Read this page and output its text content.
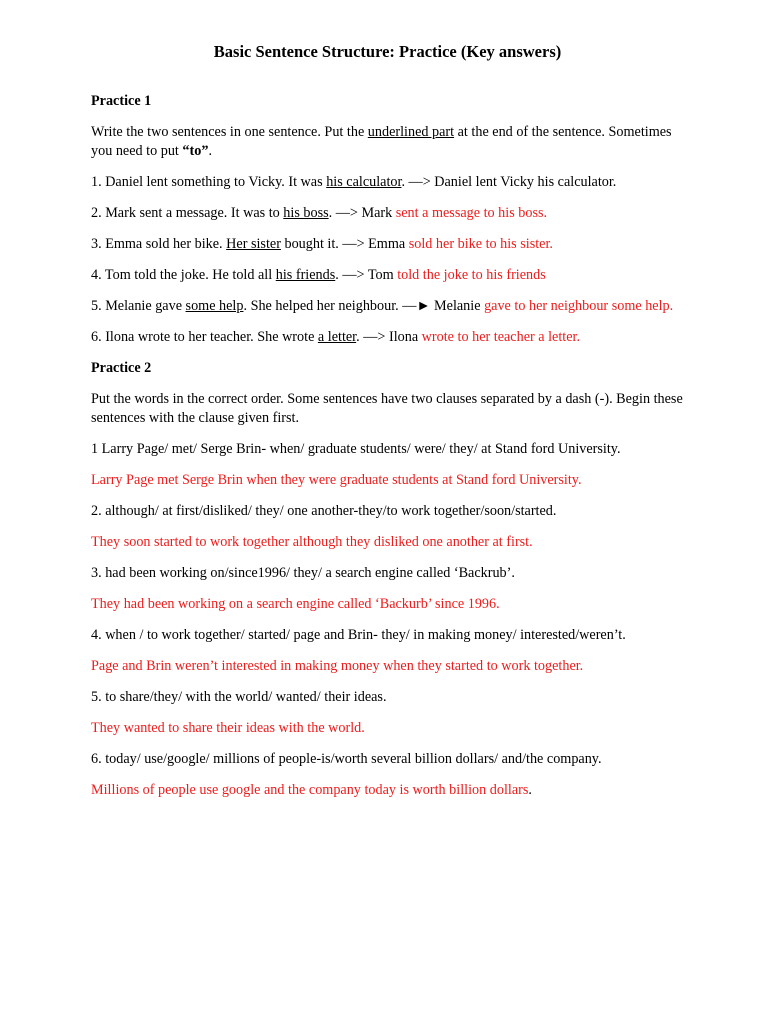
Basic Sentence Structure: Practice (Key answers)
Practice 1

Write the two sentences in one sentence. Put the underlined part at the end of the sentence. Sometimes you need to put “to”.

1. Daniel lent something to Vicky. It was his calculator. —> Daniel lent Vicky his calculator.

2. Mark sent a message. It was to his boss. —> Mark sent a message to his boss.

3. Emma sold her bike. Her sister bought it. —> Emma sold her bike to his sister.

4. Tom told the joke. He told all his friends. —> Tom told the joke to his friends

5. Melanie gave some help. She helped her neighbour. —► Melanie gave to her neighbour some help.

6. Ilona wrote to her teacher. She wrote a letter. —> Ilona wrote to her teacher a letter.

Practice 2

Put the words in the correct order. Some sentences have two clauses separated by a dash (-). Begin these sentences with the clause given first.

1 Larry Page/ met/ Serge Brin- when/ graduate students/ were/ they/ at Stand ford University.

Larry Page met Serge Brin when they were graduate students at Stand ford University.

2. although/ at first/disliked/ they/ one another-they/to work together/soon/started.

They soon started to work together although they disliked one another at first.

3. had been working on/since1996/ they/ a search engine called ‘Backrub’.

They had been working on a search engine called ‘Backurb’ since 1996.

4. when / to work together/ started/ page and Brin- they/ in making money/ interested/weren’t.

Page and Brin weren’t interested in making money when they started to work together.

5. to share/they/ with the world/ wanted/ their ideas.

They wanted to share their ideas with the world.

6. today/ use/google/ millions of people-is/worth several billion dollars/ and/the company.

Millions of people use google and the company today is worth billion dollars.
